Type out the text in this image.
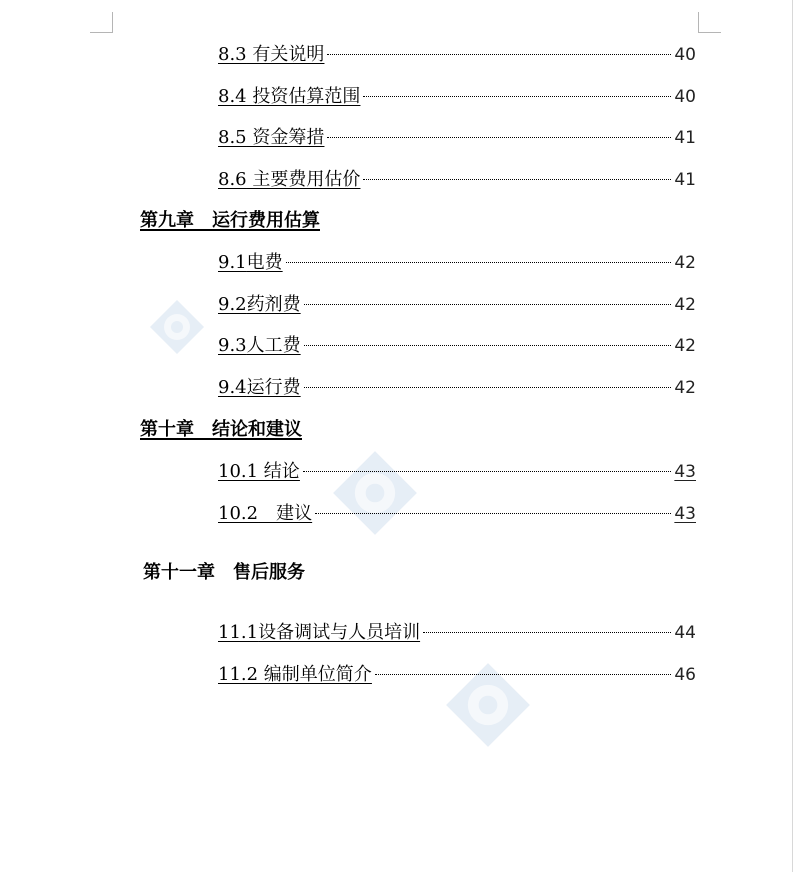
8.3 有关说明	40
8.4 投资估算范围	40
8.5 资金筹措	41
8.6 主要费用估价	41
第九章　运行费用估算
9.1电费	42
9.2药剂费	42
9.3人工费	42
9.4运行费	42
第十章　结论和建议
10.1 结论	43
10.2　建议	43
第十一章　售后服务
11.1设备调试与人员培训	44
11.2 编制单位简介	46
